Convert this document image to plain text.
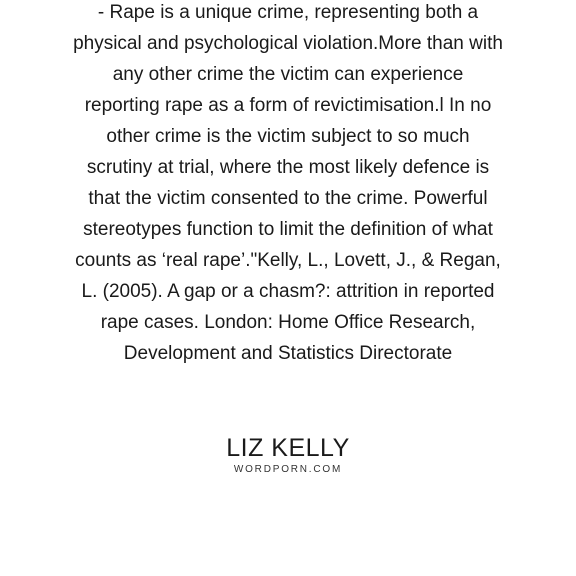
- Rape is a unique crime, representing both a
physical and psychological violation.More than with
any other crime the victim can experience
reporting rape as a form of revictimisation.l In no
other crime is the victim subject to so much
scrutiny at trial, where the most likely defence is
that the victim consented to the crime. Powerful
stereotypes function to limit the definition of what
counts as ‘real rape’."Kelly, L., Lovett, J., & Regan,
L. (2005). A gap or a chasm?: attrition in reported
rape cases. London: Home Office Research,
Development and Statistics Directorate
LIZ KELLY
WORDPORN.COM
